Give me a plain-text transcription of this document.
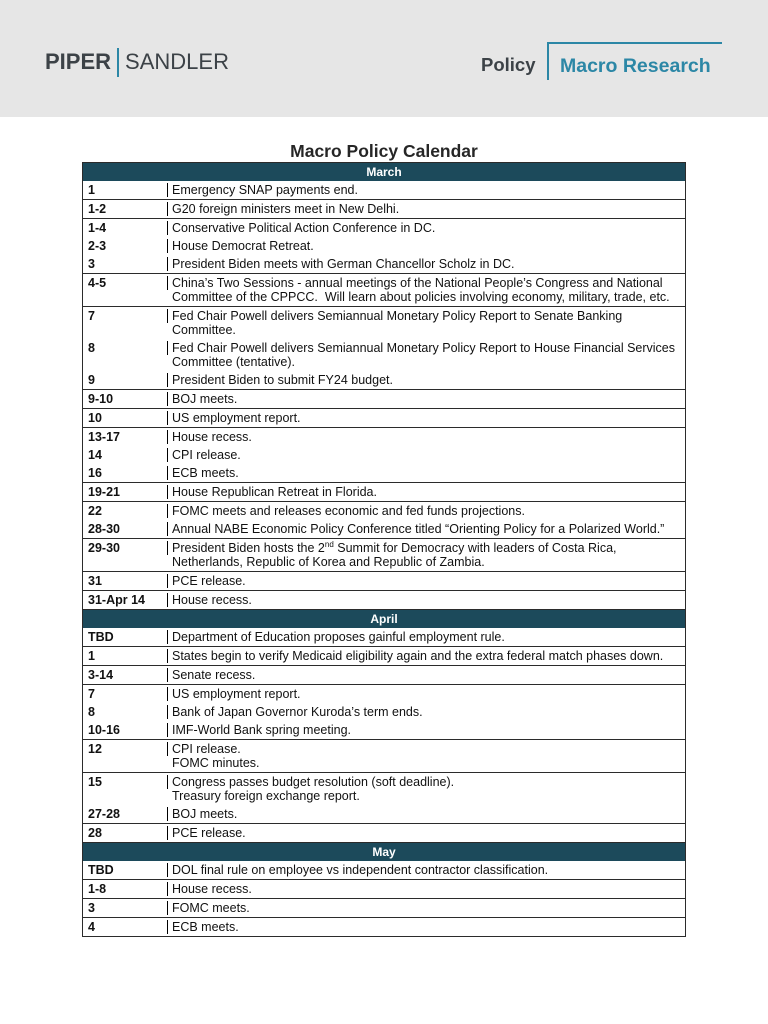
PIPER SANDLER	Policy Macro Research
Macro Policy Calendar
March
1	Emergency SNAP payments end.
1-2	G20 foreign ministers meet in New Delhi.
1-4	Conservative Political Action Conference in DC.
2-3	House Democrat Retreat.
3	President Biden meets with German Chancellor Scholz in DC.
4-5	China’s Two Sessions - annual meetings of the National People’s Congress and National
Committee of the CPPCC.  Will learn about policies involving economy, military, trade, etc.
7	Fed Chair Powell delivers Semiannual Monetary Policy Report to Senate Banking
Committee.
8	Fed Chair Powell delivers Semiannual Monetary Policy Report to House Financial Services
Committee (tentative).
9	President Biden to submit FY24 budget.
9-10	BOJ meets.
10	US employment report.
13-17	House recess.
14	CPI release.
16	ECB meets.
19-21	House Republican Retreat in Florida.
22	FOMC meets and releases economic and fed funds projections.
28-30	Annual NABE Economic Policy Conference titled “Orienting Policy for a Polarized World.”
29-30	President Biden hosts the 2nd Summit for Democracy with leaders of Costa Rica,
Netherlands, Republic of Korea and Republic of Zambia.
31	PCE release.
31-Apr 14	House recess.
April
TBD	Department of Education proposes gainful employment rule.
1	States begin to verify Medicaid eligibility again and the extra federal match phases down.
3-14	Senate recess.
7	US employment report.
8	Bank of Japan Governor Kuroda’s term ends.
10-16	IMF-World Bank spring meeting.
12	CPI release.
FOMC minutes.
15	Congress passes budget resolution (soft deadline).
Treasury foreign exchange report.
27-28	BOJ meets.
28	PCE release.
May
TBD	DOL final rule on employee vs independent contractor classification.
1-8	House recess.
3	FOMC meets.
4	ECB meets.
